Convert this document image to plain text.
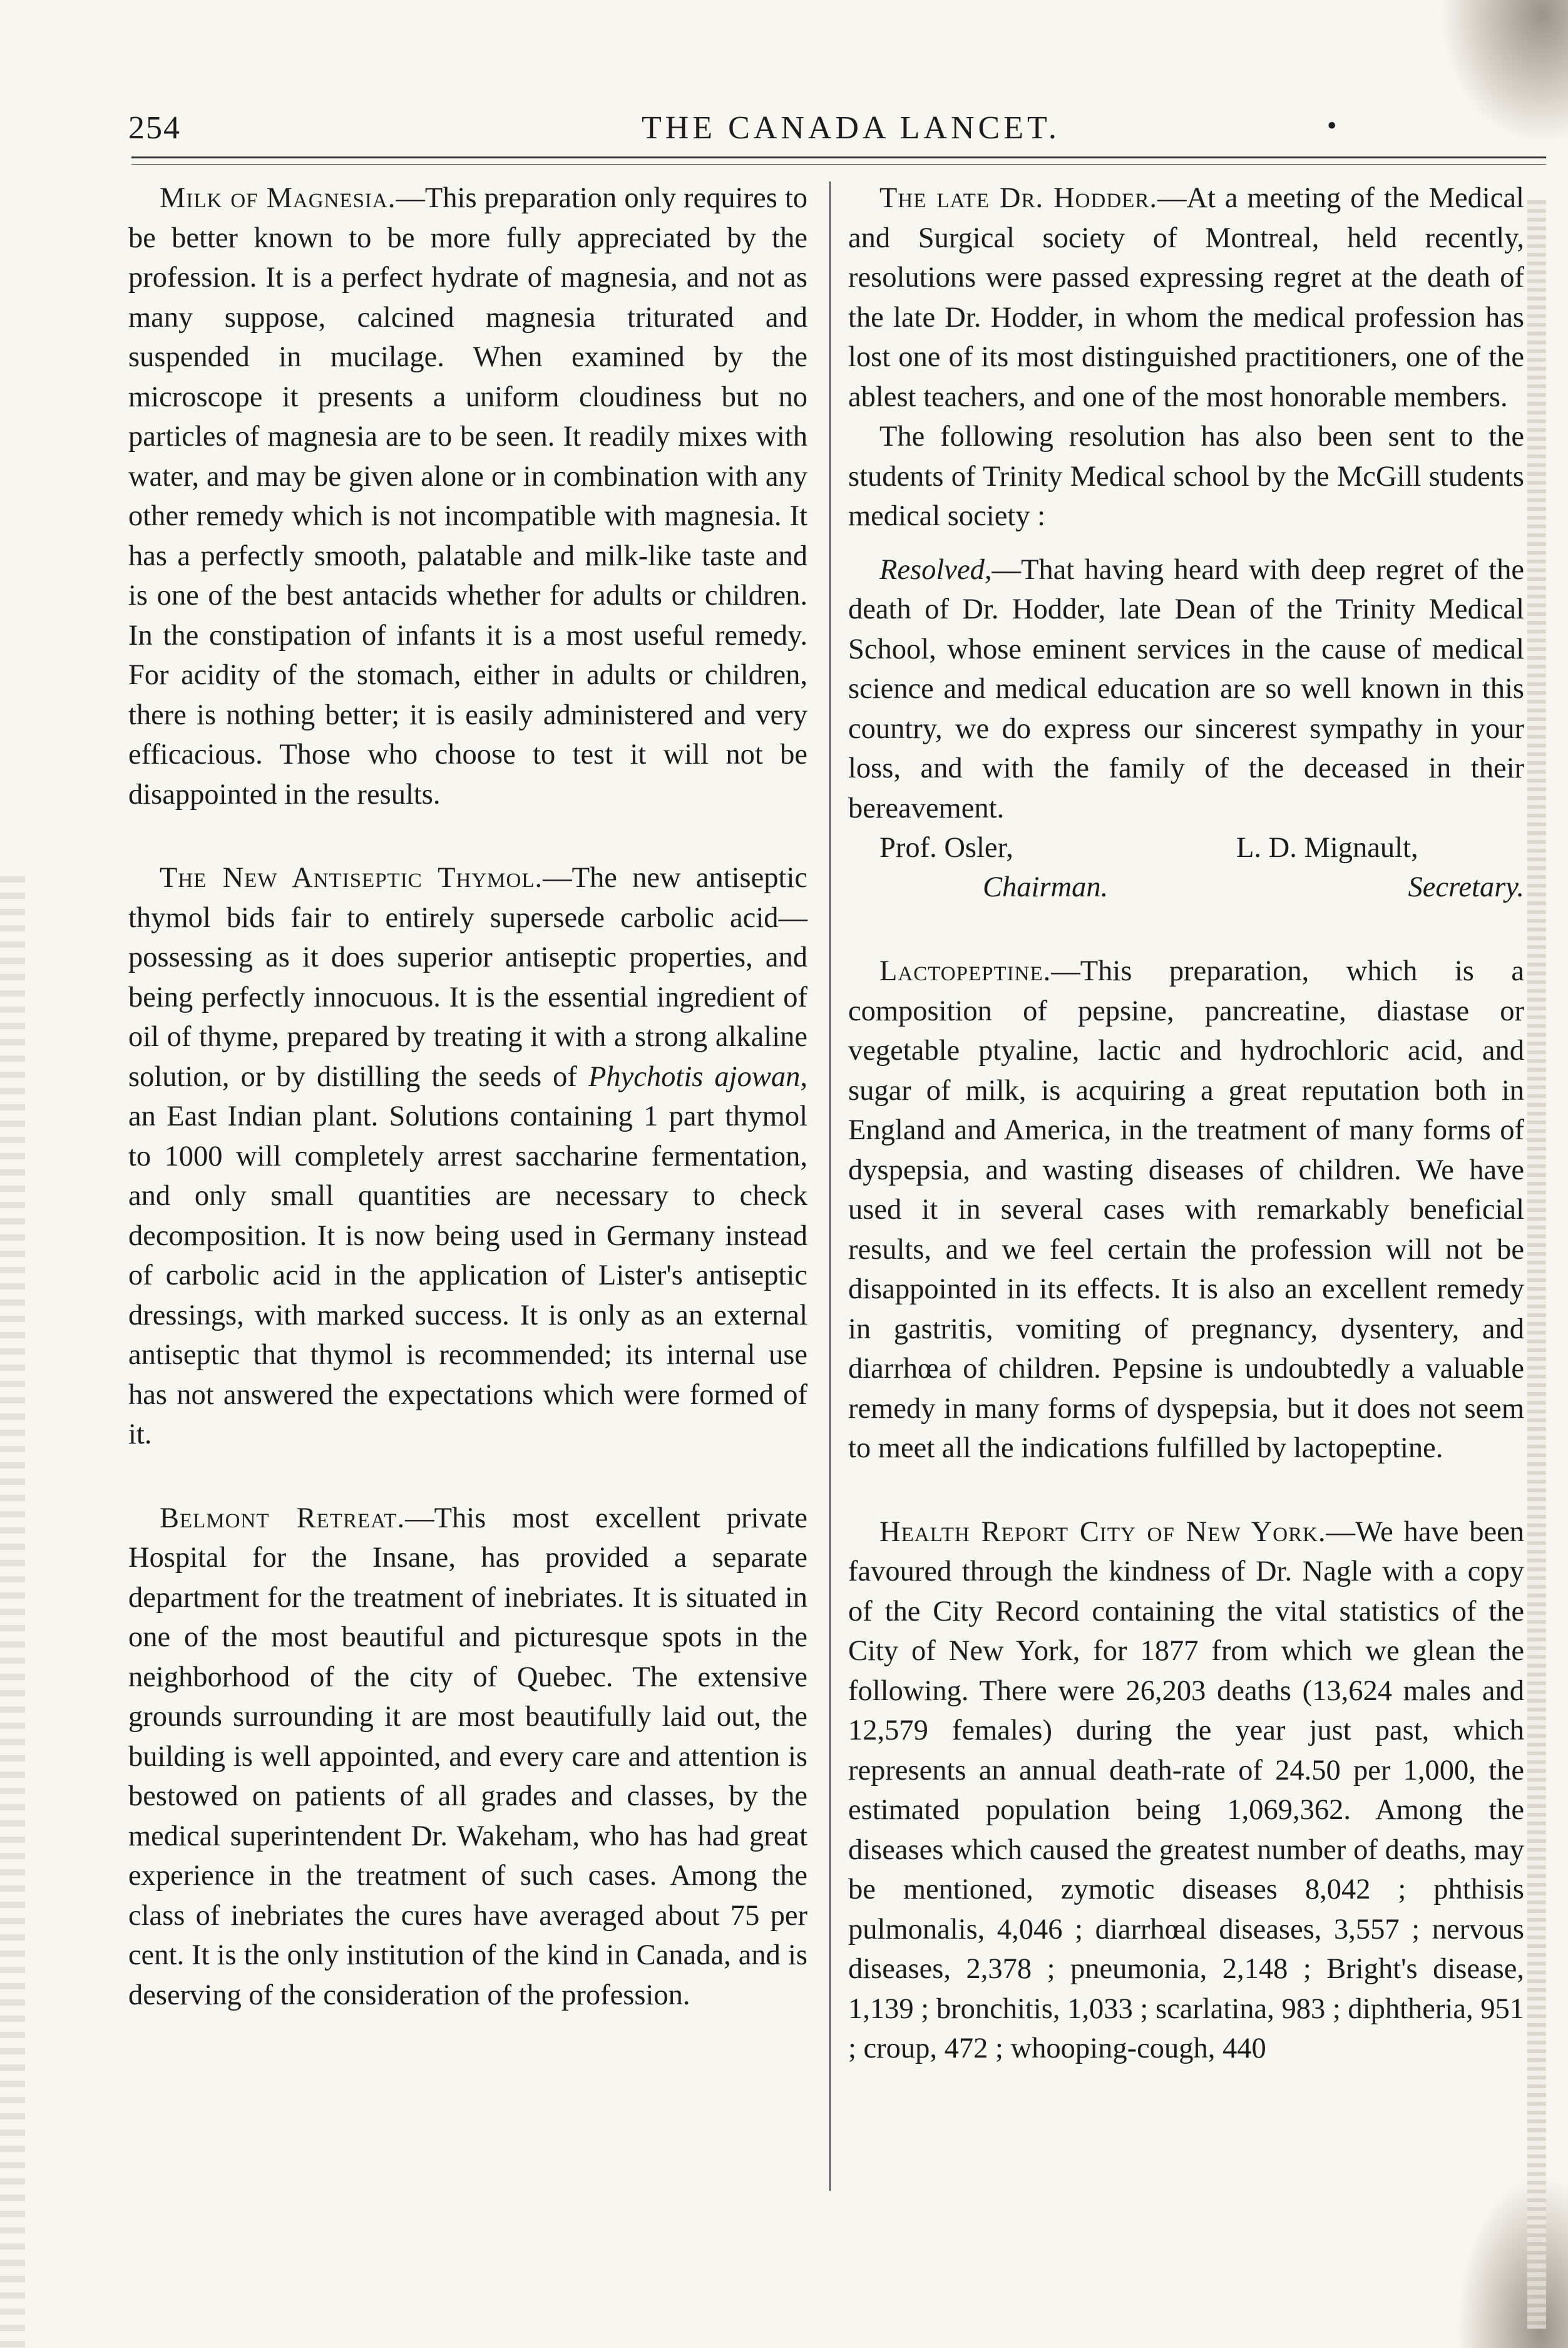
254	THE CANADA LANCET.	•

Milk of Magnesia.—This preparation only requires to be better known to be more fully appreciated by the profession. It is a perfect hydrate of magnesia, and not as many suppose, calcined magnesia triturated and suspended in mucilage. When examined by the microscope it presents a uniform cloudiness but no particles of magnesia are to be seen. It readily mixes with water, and may be given alone or in combination with any other remedy which is not incompatible with magnesia. It has a perfectly smooth, palatable and milk-like taste and is one of the best antacids whether for adults or children. In the constipation of infants it is a most useful remedy. For acidity of the stomach, either in adults or children, there is nothing better; it is easily administered and very efficacious. Those who choose to test it will not be disappointed in the results.

The New Antiseptic Thymol.—The new antiseptic thymol bids fair to entirely supersede carbolic acid—possessing as it does superior antiseptic properties, and being perfectly innocuous. It is the essential ingredient of oil of thyme, prepared by treating it with a strong alkaline solution, or by distilling the seeds of Phychotis ajowan, an East Indian plant. Solutions containing 1 part thymol to 1000 will completely arrest saccharine fermentation, and only small quantities are necessary to check decomposition. It is now being used in Germany instead of carbolic acid in the application of Lister's antiseptic dressings, with marked success. It is only as an external antiseptic that thymol is recommended; its internal use has not answered the expectations which were formed of it.

Belmont Retreat.—This most excellent private Hospital for the Insane, has provided a separate department for the treatment of inebriates. It is situated in one of the most beautiful and picturesque spots in the neighborhood of the city of Quebec. The extensive grounds surrounding it are most beautifully laid out, the building is well appointed, and every care and attention is bestowed on patients of all grades and classes, by the medical superintendent Dr. Wakeham, who has had great experience in the treatment of such cases. Among the class of inebriates the cures have averaged about 75 per cent. It is the only institution of the kind in Canada, and is deserving of the consideration of the profession.

The late Dr. Hodder.—At a meeting of the Medical and Surgical society of Montreal, held recently, resolutions were passed expressing regret at the death of the late Dr. Hodder, in whom the medical profession has lost one of its most distinguished practitioners, one of the ablest teachers, and one of the most honorable members.

The following resolution has also been sent to the students of Trinity Medical school by the McGill students medical society :

Resolved,—That having heard with deep regret of the death of Dr. Hodder, late Dean of the Trinity Medical School, whose eminent services in the cause of medical science and medical education are so well known in this country, we do express our sincerest sympathy in your loss, and with the family of the deceased in their bereavement.

Prof. Osler,	L. D. Mignault,
Chairman.	Secretary.

Lactopeptine.—This preparation, which is a composition of pepsine, pancreatine, diastase or vegetable ptyaline, lactic and hydrochloric acid, and sugar of milk, is acquiring a great reputation both in England and America, in the treatment of many forms of dyspepsia, and wasting diseases of children. We have used it in several cases with remarkably beneficial results, and we feel certain the profession will not be disappointed in its effects. It is also an excellent remedy in gastritis, vomiting of pregnancy, dysentery, and diarrhœa of children. Pepsine is undoubtedly a valuable remedy in many forms of dyspepsia, but it does not seem to meet all the indications fulfilled by lactopeptine.

Health Report City of New York.—We have been favoured through the kindness of Dr. Nagle with a copy of the City Record containing the vital statistics of the City of New York, for 1877 from which we glean the following. There were 26,203 deaths (13,624 males and 12,579 females) during the year just past, which represents an annual death-rate of 24.50 per 1,000, the estimated population being 1,069,362. Among the diseases which caused the greatest number of deaths, may be mentioned, zymotic diseases 8,042 ; phthisis pulmonalis, 4,046 ; diarrhœal diseases, 3,557 ; nervous diseases, 2,378 ; pneumonia, 2,148 ; Bright's disease, 1,139 ; bronchitis, 1,033 ; scarlatina, 983 ; diphtheria, 951 ; croup, 472 ; whooping-cough, 440
